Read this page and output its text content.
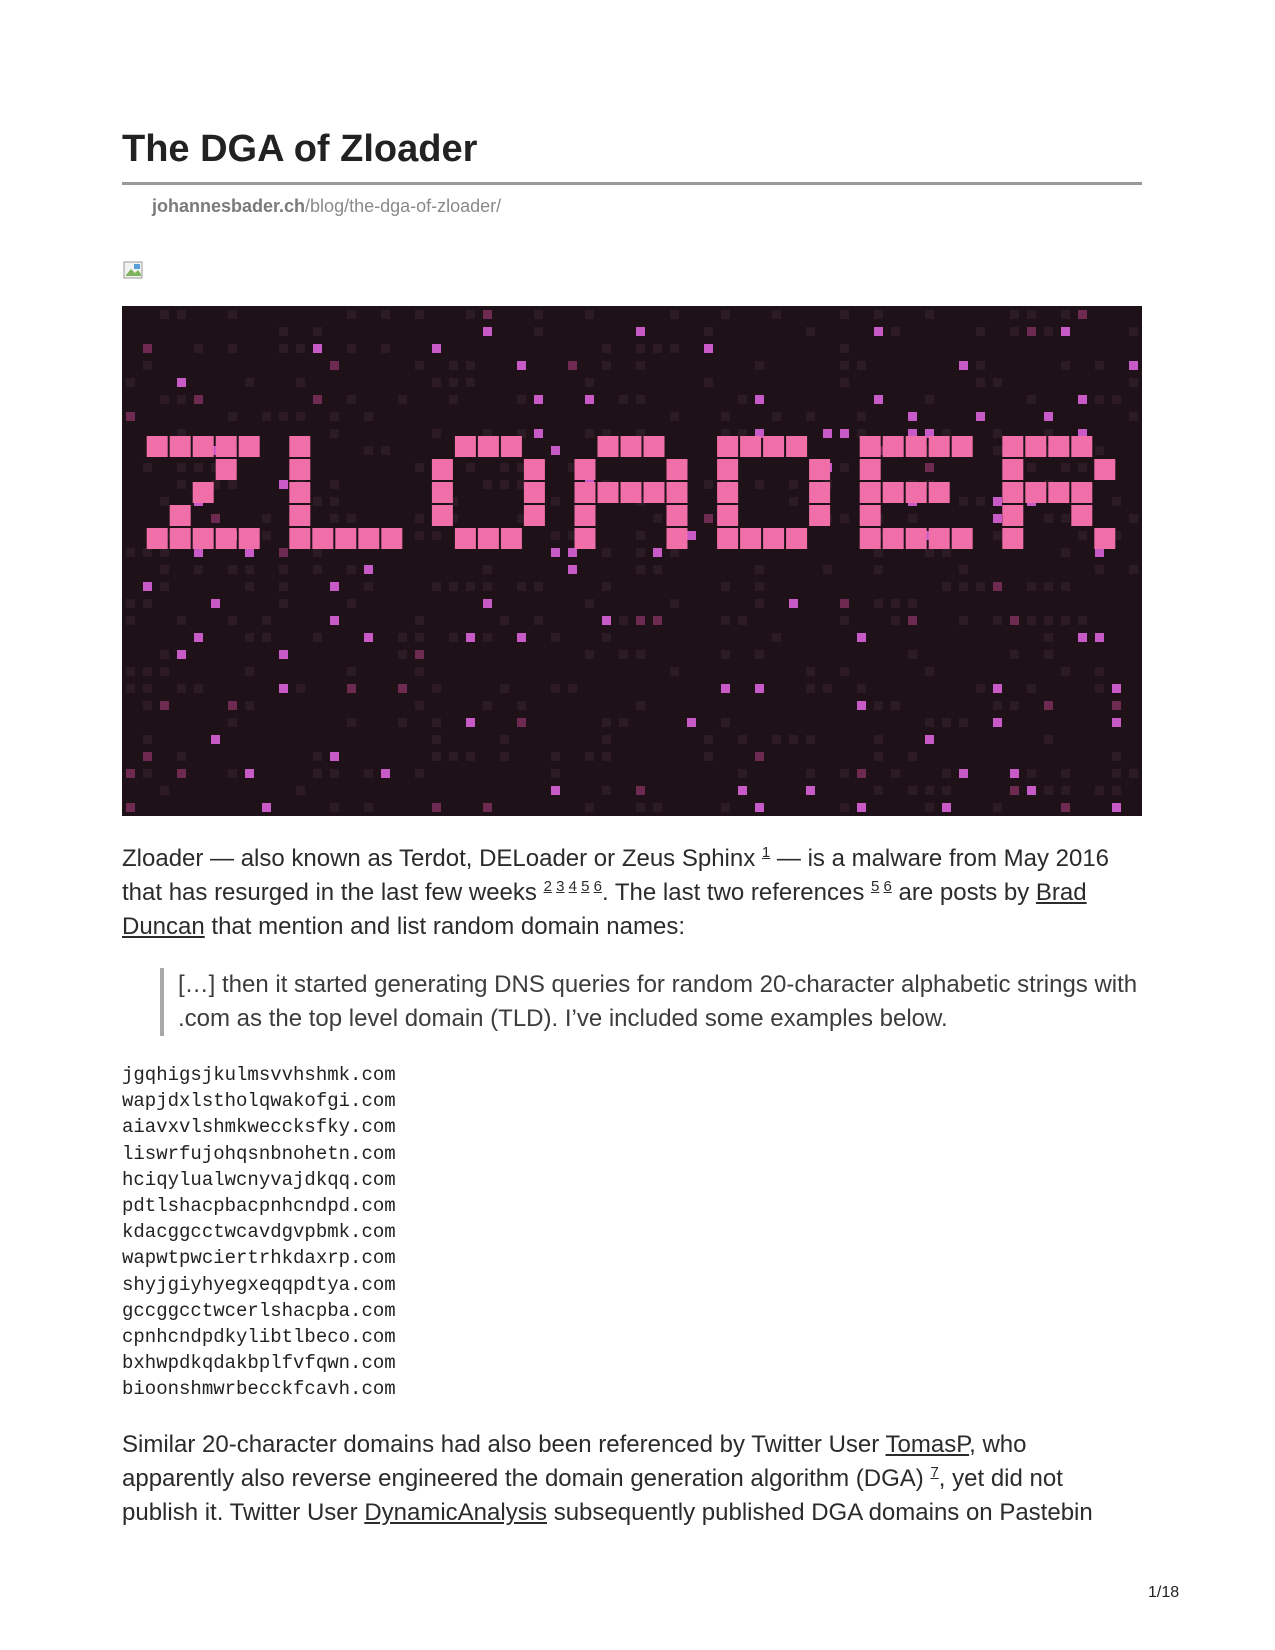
The DGA of Zloader
johannesbader.ch/blog/the-dga-of-zloader/

Zloader — also known as Terdot, DELoader or Zeus Sphinx $^1$ — is a malware from May 2016 that has resurged in the last few weeks $^{2 3 4 5 6}$. The last two references $^{5 6}$ are posts by Brad Duncan that mention and list random domain names:

[…] then it started generating DNS queries for random 20-character alphabetic strings with .com as the top level domain (TLD). I’ve included some examples below.
jgqhigsjkulmsvvhshmk.com
wapjdxlstholqwakofgi.com
aiavxvlshmkweccksfky.com
liswrfujohqsnbnohetn.com
hciqylualwcnyvajdkqq.com
pdtlshacpbacpnhcndpd.com
kdacggcctwcavdgvpbmk.com
wapwtpwciertrhkdaxrp.com
shyjgiyhyegxeqqpdtya.com
gccggcctwcerlshacpba.com
cpnhcndpdkylibtlbeco.com
bxhwpdkqdakbplfvfqwn.com
bioonshmwrbecckfcavh.com

Similar 20-character domains had also been referenced by Twitter User TomasP, who apparently also reverse engineered the domain generation algorithm (DGA) $^7$, yet did not publish it. Twitter User DynamicAnalysis subsequently published DGA domains on Pastebin

1/18
